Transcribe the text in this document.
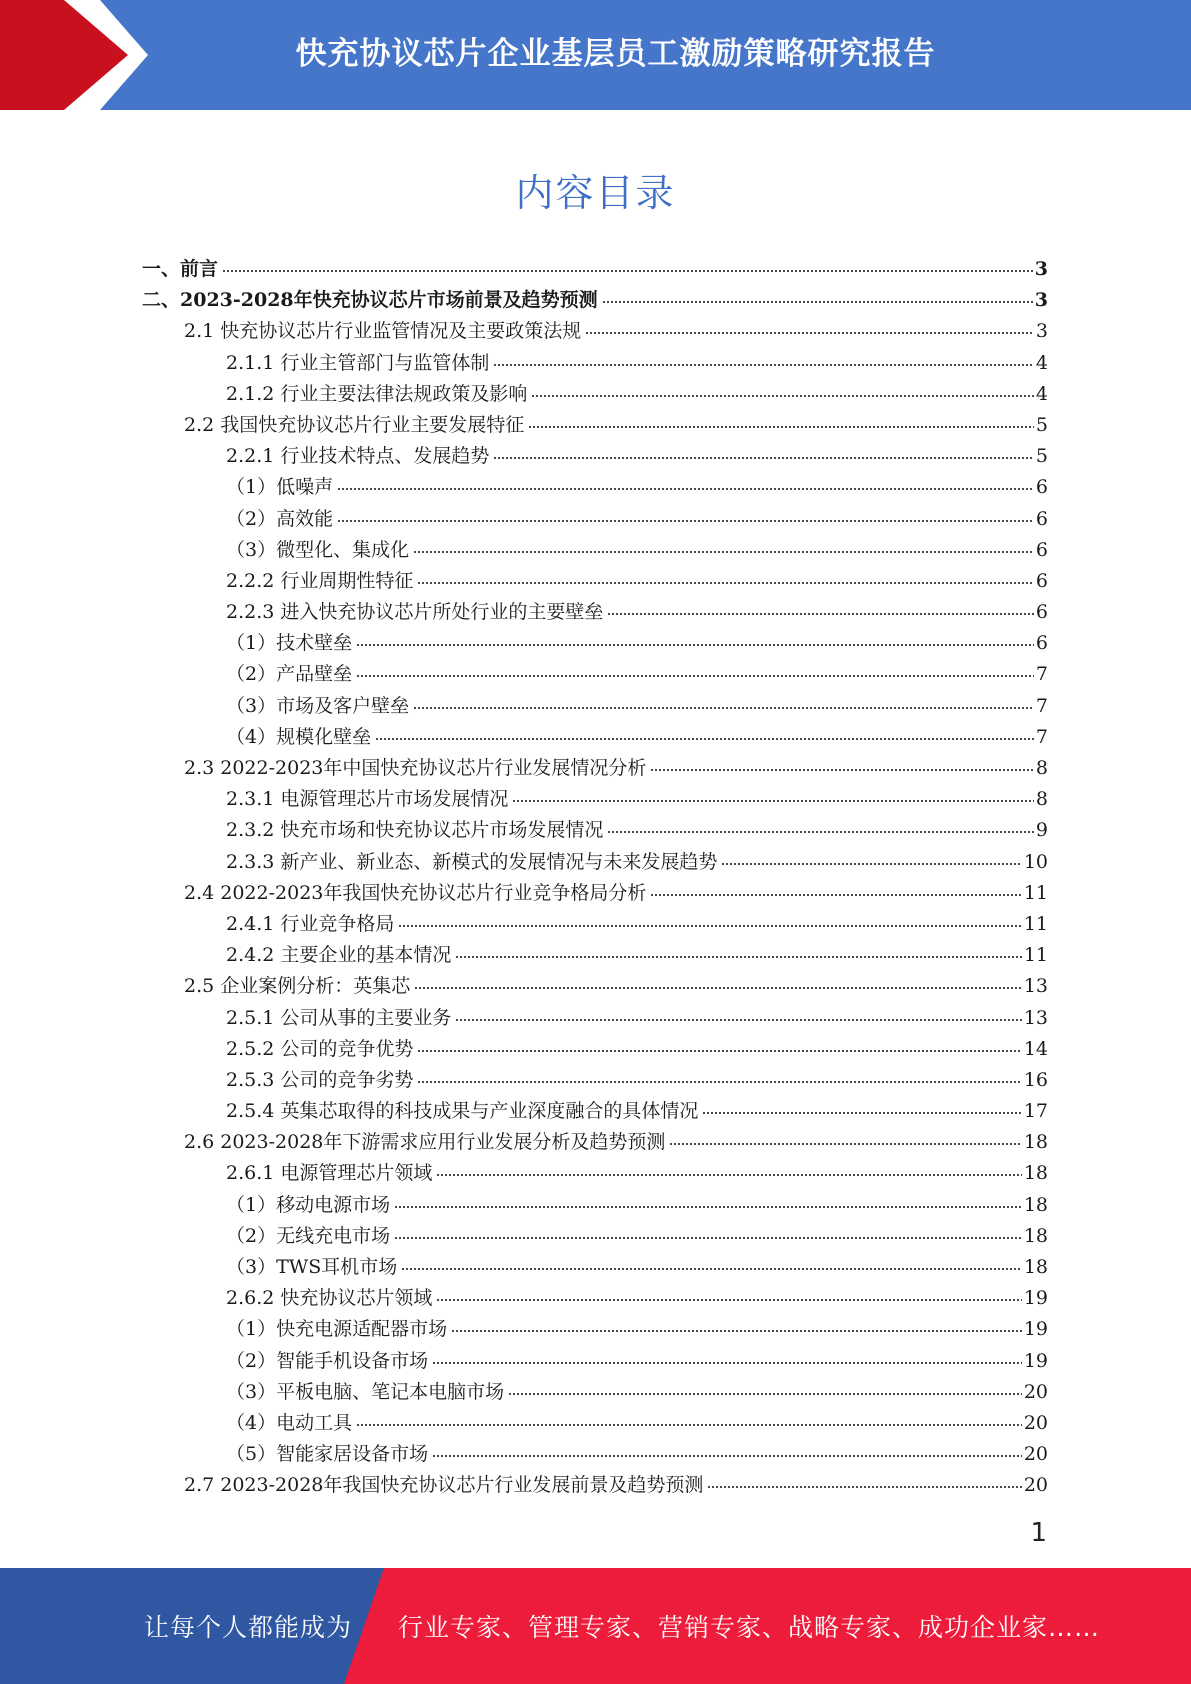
快充协议芯片企业基层员工激励策略研究报告
内容目录
一、前言	3
二、2023-2028年快充协议芯片市场前景及趋势预测	3
2.1 快充协议芯片行业监管情况及主要政策法规	3
2.1.1 行业主管部门与监管体制	4
2.1.2 行业主要法律法规政策及影响	4
2.2 我国快充协议芯片行业主要发展特征	5
2.2.1 行业技术特点、发展趋势	5
（1）低噪声	6
（2）高效能	6
（3）微型化、集成化	6
2.2.2 行业周期性特征	6
2.2.3 进入快充协议芯片所处行业的主要壁垒	6
（1）技术壁垒	6
（2）产品壁垒	7
（3）市场及客户壁垒	7
（4）规模化壁垒	7
2.3 2022-2023年中国快充协议芯片行业发展情况分析	8
2.3.1 电源管理芯片市场发展情况	8
2.3.2 快充市场和快充协议芯片市场发展情况	9
2.3.3 新产业、新业态、新模式的发展情况与未来发展趋势	10
2.4 2022-2023年我国快充协议芯片行业竞争格局分析	11
2.4.1 行业竞争格局	11
2.4.2 主要企业的基本情况	11
2.5 企业案例分析：英集芯	13
2.5.1 公司从事的主要业务	13
2.5.2 公司的竞争优势	14
2.5.3 公司的竞争劣势	16
2.5.4 英集芯取得的科技成果与产业深度融合的具体情况	17
2.6 2023-2028年下游需求应用行业发展分析及趋势预测	18
2.6.1 电源管理芯片领域	18
（1）移动电源市场	18
（2）无线充电市场	18
（3）TWS耳机市场	18
2.6.2 快充协议芯片领域	19
（1）快充电源适配器市场	19
（2）智能手机设备市场	19
（3）平板电脑、笔记本电脑市场	20
（4）电动工具	20
（5）智能家居设备市场	20
2.7 2023-2028年我国快充协议芯片行业发展前景及趋势预测	20
1
让每个人都能成为 行业专家、管理专家、营销专家、战略专家、成功企业家……
